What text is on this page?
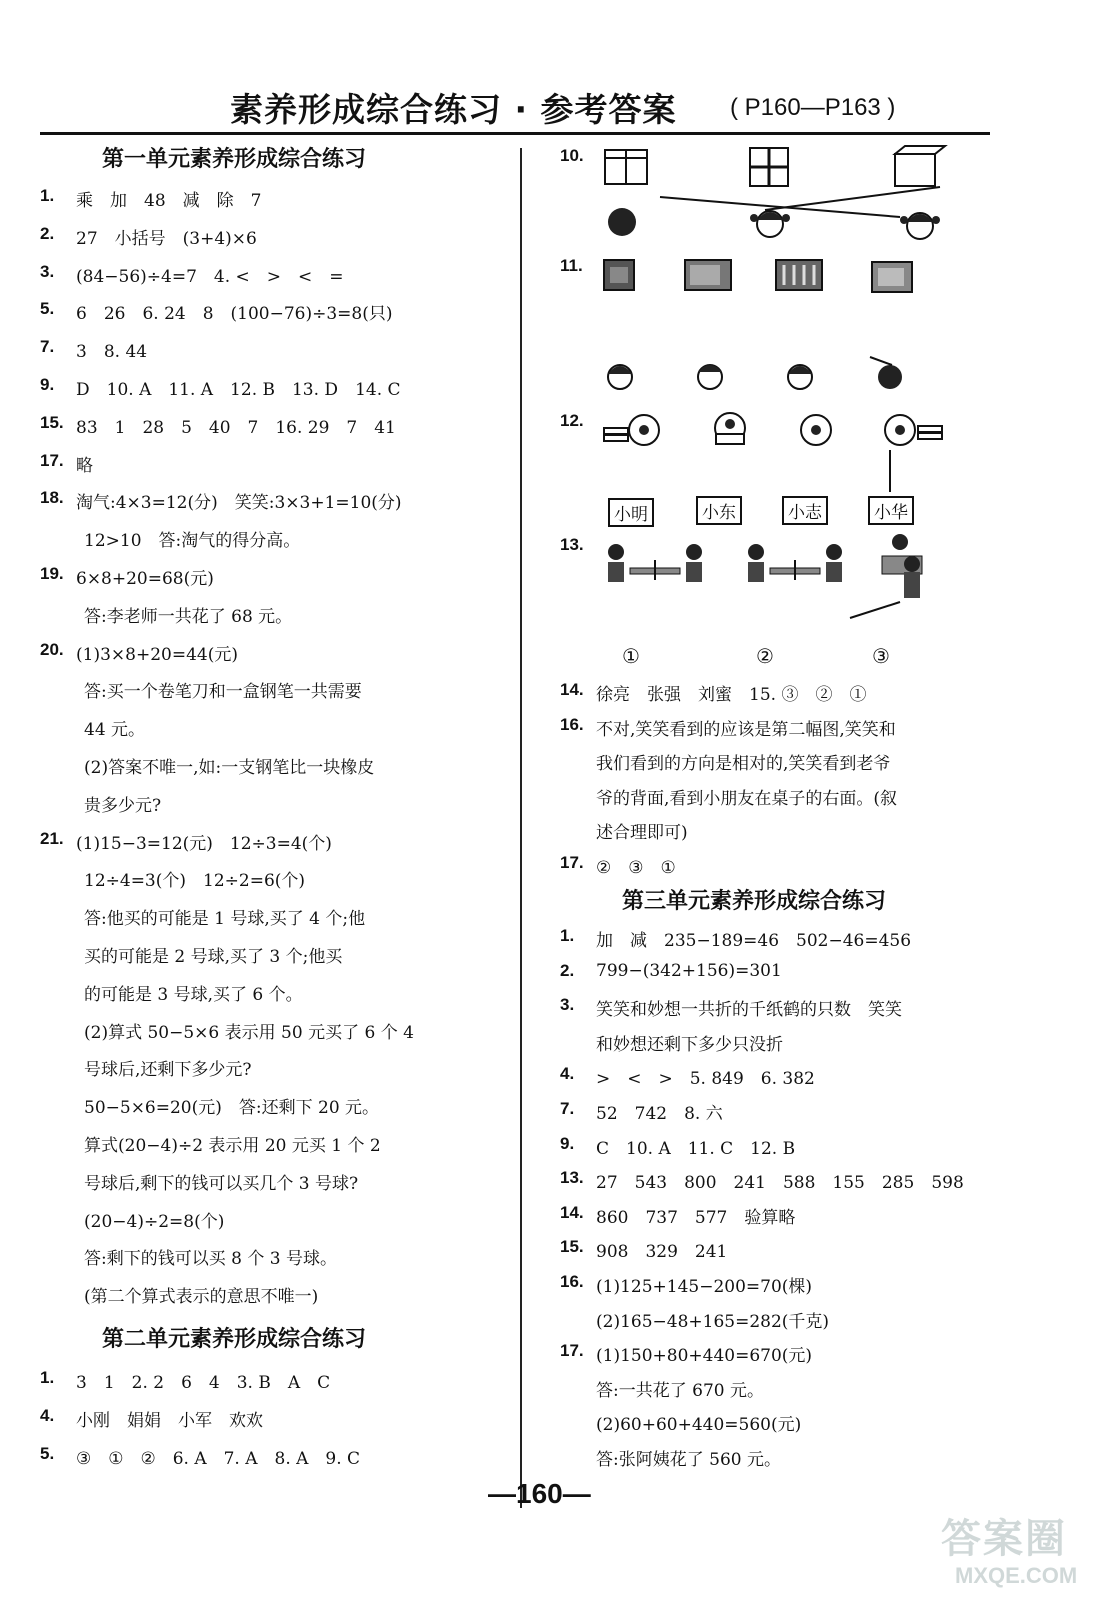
素养形成综合练习 · 参考答案 ( P160—P163 )
第一单元素养形成综合练习
1. 乘　加　48　减　除　7
2. 27　小括号　(3+4)×6
3. (84−56)÷4=7　4. <　>　<　=
5. 6　26　6. 24　8　(100−76)÷3=8(只)
7. 3　8. 44
9. D　10. A　11. A　12. B　13. D　14. C
15. 83　1　28　5　40　7　16. 29　7　41
17. 略
18. 淘气:4×3=12(分)　笑笑:3×3+1=10(分)
12>10　答:淘气的得分高。
19. 6×8+20=68(元)
答:李老师一共花了 68 元。
20. (1)3×8+20=44(元)
答:买一个卷笔刀和一盒钢笔一共需要
44 元。
(2)答案不唯一,如:一支钢笔比一块橡皮
贵多少元?
21. (1)15−3=12(元)　12÷3=4(个)
12÷4=3(个)　12÷2=6(个)
答:他买的可能是 1 号球,买了 4 个;他
买的可能是 2 号球,买了 3 个;他买
的可能是 3 号球,买了 6 个。
(2)算式 50−5×6 表示用 50 元买了 6 个 4
号球后,还剩下多少元?
50−5×6=20(元)　答:还剩下 20 元。
算式(20−4)÷2 表示用 20 元买 1 个 2
号球后,剩下的钱可以买几个 3 号球?
(20−4)÷2=8(个)
答:剩下的钱可以买 8 个 3 号球。
(第二个算式表示的意思不唯一)
第二单元素养形成综合练习
1. 3　1　2. 2　6　4　3. B　A　C
4. 小刚　娟娟　小军　欢欢
5. ③　①　②　6. A　7. A　8. A　9. C
10.
11.
12.
小明	小东	小志	小华
13.
①	②	③
14. 徐亮　张强　刘蜜　15. ③　②　①
16. 不对,笑笑看到的应该是第二幅图,笑笑和
我们看到的方向是相对的,笑笑看到老爷
爷的背面,看到小朋友在桌子的右面。(叙
述合理即可)
17. ②　③　①
第三单元素养形成综合练习
1. 加　减　235−189=46　502−46=456
2. 799−(342+156)=301
3. 笑笑和妙想一共折的千纸鹤的只数　笑笑
和妙想还剩下多少只没折
4. >　<　>　5. 849　6. 382
7. 52　742　8. 六
9. C　10. A　11. C　12. B
13. 27　543　800　241　588　155　285　598
14. 860　737　577　验算略
15. 908　329　241
16. (1)125+145−200=70(棵)
(2)165−48+165=282(千克)
17. (1)150+80+440=670(元)
答:一共花了 670 元。
(2)60+60+440=560(元)
答:张阿姨花了 560 元。
—160—
答案圈
MXQE.COM
